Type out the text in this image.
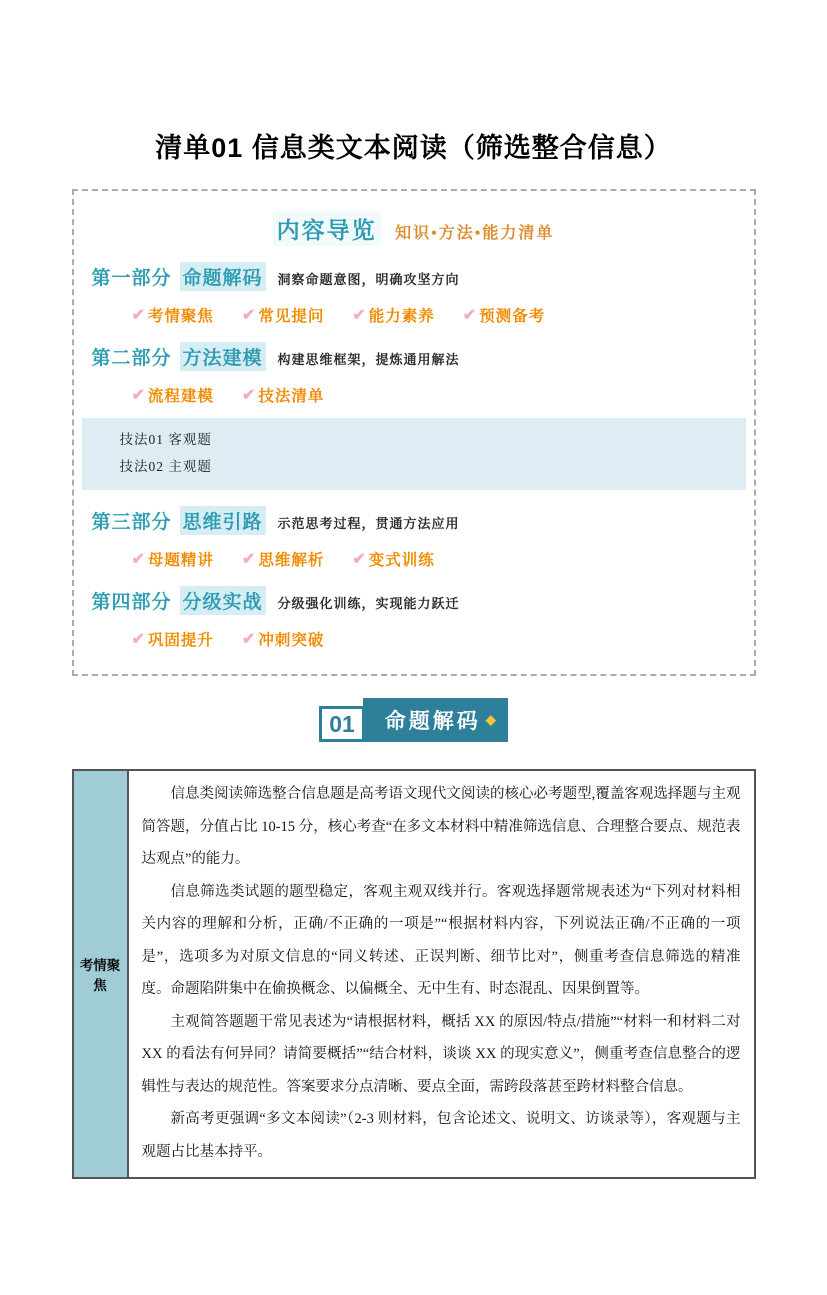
清单01 信息类文本阅读（筛选整合信息）
内容导览 知识•方法•能力清单
第一部分 命题解码 洞察命题意图，明确攻坚方向
✔ 考情聚焦 ✔ 常见提问 ✔ 能力素养 ✔ 预测备考
第二部分 方法建模 构建思维框架，提炼通用解法
✔ 流程建模 ✔ 技法清单
技法01 客观题
技法02 主观题
第三部分 思维引路 示范思考过程，贯通方法应用
✔ 母题精讲 ✔ 思维解析 ✔ 变式训练
第四部分 分级实战 分级强化训练，实现能力跃迁
✔ 巩固提升 ✔ 冲刺突破
01	命题解码 ◆
考情聚焦	

信息类阅读筛选整合信息题是高考语文现代文阅读的核心必考题型,覆盖客观选择题与主观简答题，分值占比 10-15 分，核心考查“在多文本材料中精准筛选信息、合理整合要点、规范表达观点”的能力。

信息筛选类试题的题型稳定，客观主观双线并行。客观选择题常规表述为“下列对材料相关内容的理解和分析，正确/不正确的一项是”“根据材料内容，下列说法正确/不正确的一项是”，选项多为对原文信息的“同义转述、正误判断、细节比对”，侧重考查信息筛选的精准度。命题陷阱集中在偷换概念、以偏概全、无中生有、时态混乱、因果倒置等。

主观简答题题干常见表述为“请根据材料，概括 XX 的原因/特点/措施”“材料一和材料二对 XX 的看法有何异同？请简要概括”“结合材料，谈谈 XX 的现实意义”，侧重考查信息整合的逻辑性与表达的规范性。答案要求分点清晰、要点全面，需跨段落甚至跨材料整合信息。

新高考更强调“多文本阅读”（2-3 则材料，包含论述文、说明文、访谈录等），客观题与主观题占比基本持平。
